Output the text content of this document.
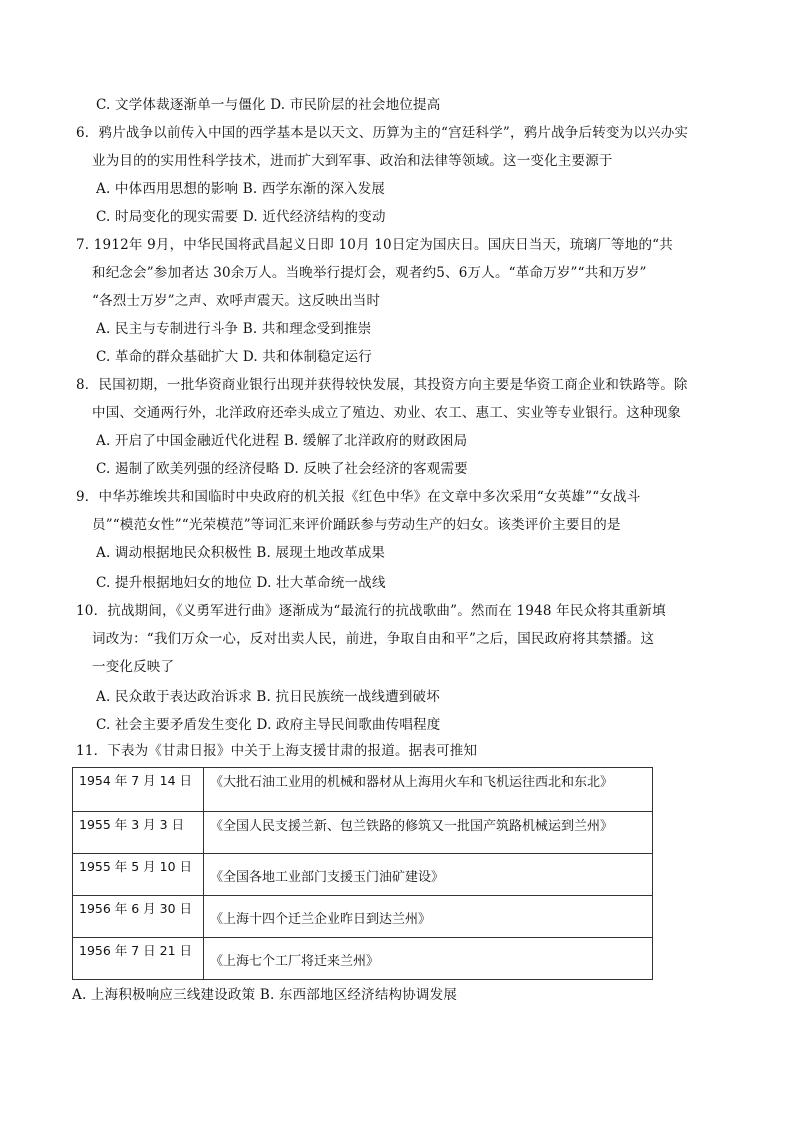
C. 文学体裁逐渐单一与僵化 D. 市民阶层的社会地位提高
6．鸦片战争以前传入中国的西学基本是以天文、历算为主的“宫廷科学”，鸦片战争后转变为以兴办实
业为目的的实用性科学技术，进而扩大到军事、政治和法律等领域。这一变化主要源于
A. 中体西用思想的影响 B. 西学东渐的深入发展
C. 时局变化的现实需要 D. 近代经济结构的变动
7. 1912年 9月，中华民国将武昌起义日即 10月 10日定为国庆日。国庆日当天，琉璃厂等地的“共
和纪念会”参加者达 30余万人。当晚举行提灯会，观者约5、6万人。“革命万岁”“共和万岁”
“各烈士万岁”之声、欢呼声震天。这反映出当时
A. 民主与专制进行斗争 B. 共和理念受到推崇
C. 革命的群众基础扩大 D. 共和体制稳定运行
8．民国初期，一批华资商业银行出现并获得较快发展，其投资方向主要是华资工商企业和铁路等。除
中国、交通两行外，北洋政府还牵头成立了殖边、劝业、农工、惠工、实业等专业银行。这种现象
A. 开启了中国金融近代化进程 B. 缓解了北洋政府的财政困局
C. 遏制了欧美列强的经济侵略 D. 反映了社会经济的客观需要
9．中华苏维埃共和国临时中央政府的机关报《红色中华》在文章中多次采用“女英雄”“女战斗
员”“模范女性”“光荣模范”等词汇来评价踊跃参与劳动生产的妇女。该类评价主要目的是
A. 调动根据地民众积极性 B. 展现土地改革成果
C. 提升根据地妇女的地位 D. 壮大革命统一战线
10．抗战期间，《义勇军进行曲》逐渐成为“最流行的抗战歌曲”。然而在 1948 年民众将其重新填
词改为：“我们万众一心，反对出卖人民，前进，争取自由和平”之后，国民政府将其禁播。这
一变化反映了
A. 民众敢于表达政治诉求 B. 抗日民族统一战线遭到破坏
C. 社会主要矛盾发生变化 D. 政府主导民间歌曲传唱程度
11．下表为《甘肃日报》中关于上海支援甘肃的报道。据表可推知
1954 年 7 月 14 日	《大批石油工业用的机械和器材从上海用火车和飞机运往西北和东北》
1955 年 3 月 3 日	《全国人民支援兰新、包兰铁路的修筑又一批国产筑路机械运到兰州》
1955 年 5 月 10 日	《全国各地工业部门支援玉门油矿建设》
1956 年 6 月 30 日	《上海十四个迁兰企业昨日到达兰州》
1956 年 7 日 21 日	《上海七个工厂将迁来兰州》
A. 上海积极响应三线建设政策 B. 东西部地区经济结构协调发展
